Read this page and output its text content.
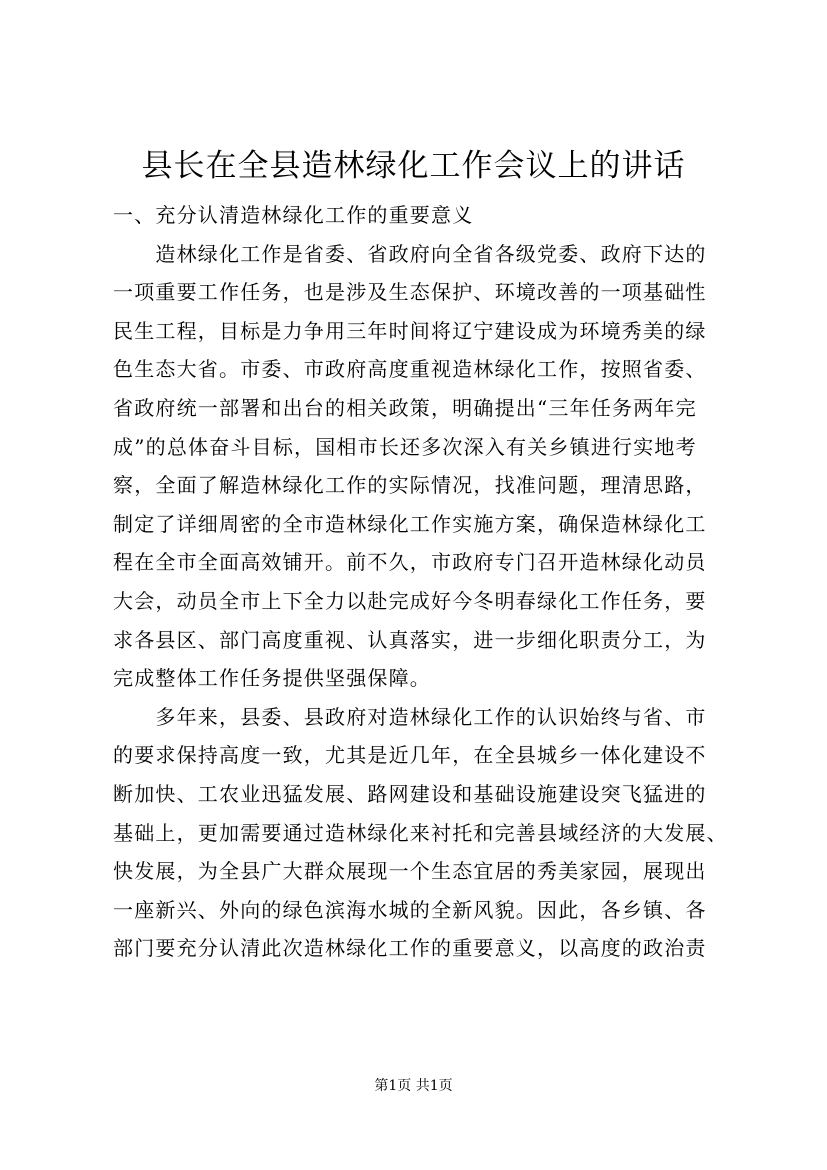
县长在全县造林绿化工作会议上的讲话
一、充分认清造林绿化工作的重要意义
　　造林绿化工作是省委、省政府向全省各级党委、政府下达的
一项重要工作任务，也是涉及生态保护、环境改善的一项基础性
民生工程，目标是力争用三年时间将辽宁建设成为环境秀美的绿
色生态大省。市委、市政府高度重视造林绿化工作，按照省委、
省政府统一部署和出台的相关政策，明确提出“三年任务两年完
成”的总体奋斗目标，国相市长还多次深入有关乡镇进行实地考
察，全面了解造林绿化工作的实际情况，找准问题，理清思路，
制定了详细周密的全市造林绿化工作实施方案，确保造林绿化工
程在全市全面高效铺开。前不久，市政府专门召开造林绿化动员
大会，动员全市上下全力以赴完成好今冬明春绿化工作任务，要
求各县区、部门高度重视、认真落实，进一步细化职责分工，为
完成整体工作任务提供坚强保障。
　　多年来，县委、县政府对造林绿化工作的认识始终与省、市
的要求保持高度一致，尤其是近几年，在全县城乡一体化建设不
断加快、工农业迅猛发展、路网建设和基础设施建设突飞猛进的
基础上，更加需要通过造林绿化来衬托和完善县域经济的大发展、
快发展，为全县广大群众展现一个生态宜居的秀美家园，展现出
一座新兴、外向的绿色滨海水城的全新风貌。因此，各乡镇、各
部门要充分认清此次造林绿化工作的重要意义，以高度的政治责
第1页 共1页
